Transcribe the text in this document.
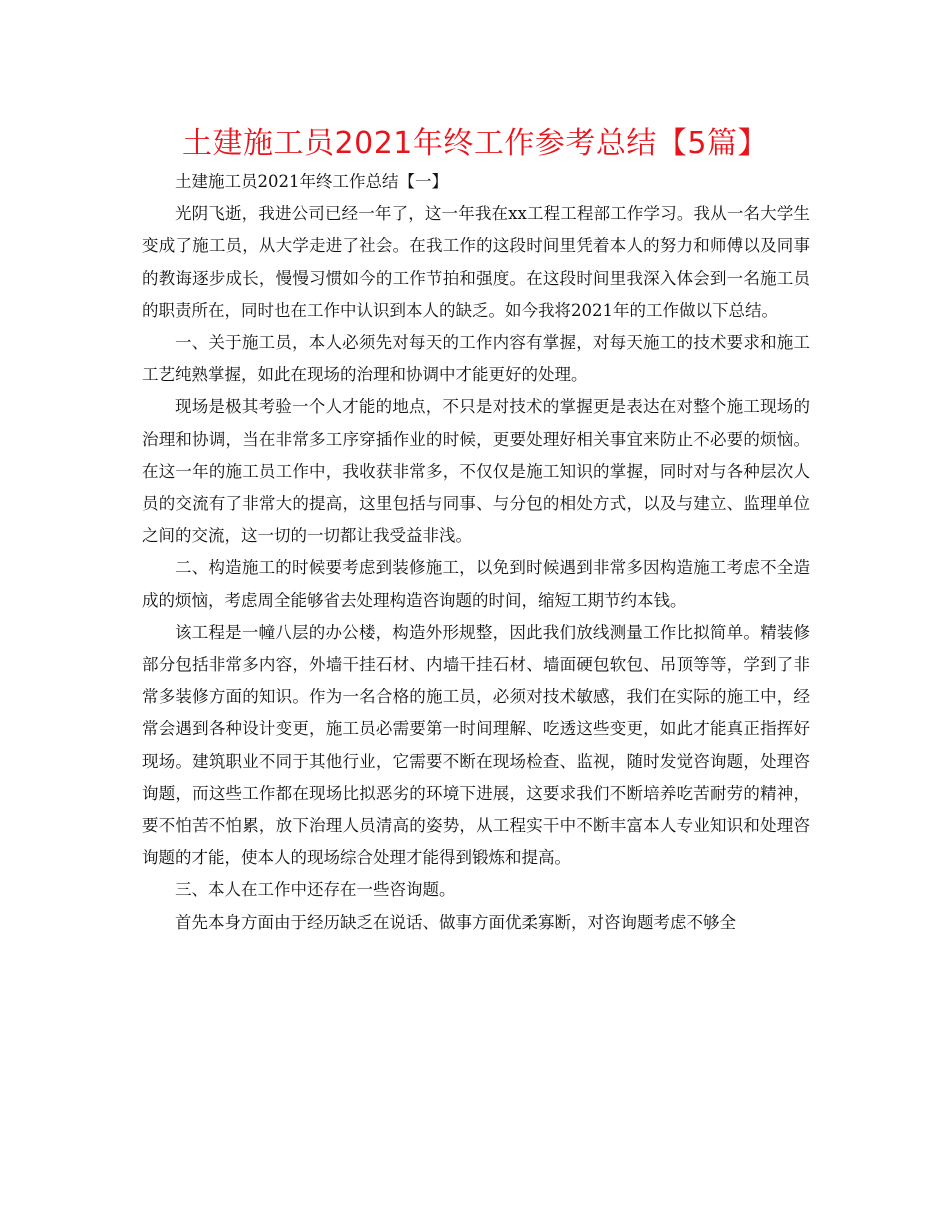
土建施工员2021年终工作参考总结【5篇】

土建施工员2021年终工作总结【一】

光阴飞逝，我进公司已经一年了，这一年我在xx工程工程部工作学习。我从一名大学生变成了施工员，从大学走进了社会。在我工作的这段时间里凭着本人的努力和师傅以及同事的教诲逐步成长，慢慢习惯如今的工作节拍和强度。在这段时间里我深入体会到一名施工员的职责所在，同时也在工作中认识到本人的缺乏。如今我将2021年的工作做以下总结。

一、关于施工员，本人必须先对每天的工作内容有掌握，对每天施工的技术要求和施工工艺纯熟掌握，如此在现场的治理和协调中才能更好的处理。

现场是极其考验一个人才能的地点，不只是对技术的掌握更是表达在对整个施工现场的治理和协调，当在非常多工序穿插作业的时候，更要处理好相关事宜来防止不必要的烦恼。在这一年的施工员工作中，我收获非常多，不仅仅是施工知识的掌握，同时对与各种层次人员的交流有了非常大的提高，这里包括与同事、与分包的相处方式，以及与建立、监理单位之间的交流，这一切的一切都让我受益非浅。

二、构造施工的时候要考虑到装修施工，以免到时候遇到非常多因构造施工考虑不全造成的烦恼，考虑周全能够省去处理构造咨询题的时间，缩短工期节约本钱。

该工程是一幢八层的办公楼，构造外形规整，因此我们放线测量工作比拟简单。精装修部分包括非常多内容，外墙干挂石材、内墙干挂石材、墙面硬包软包、吊顶等等，学到了非常多装修方面的知识。作为一名合格的施工员，必须对技术敏感，我们在实际的施工中，经常会遇到各种设计变更，施工员必需要第一时间理解、吃透这些变更，如此才能真正指挥好现场。建筑职业不同于其他行业，它需要不断在现场检查、监视，随时发觉咨询题，处理咨询题，而这些工作都在现场比拟恶劣的环境下进展，这要求我们不断培养吃苦耐劳的精神，要不怕苦不怕累，放下治理人员清高的姿势，从工程实干中不断丰富本人专业知识和处理咨询题的才能，使本人的现场综合处理才能得到锻炼和提高。

三、本人在工作中还存在一些咨询题。

首先本身方面由于经历缺乏在说话、做事方面优柔寡断，对咨询题考虑不够全
